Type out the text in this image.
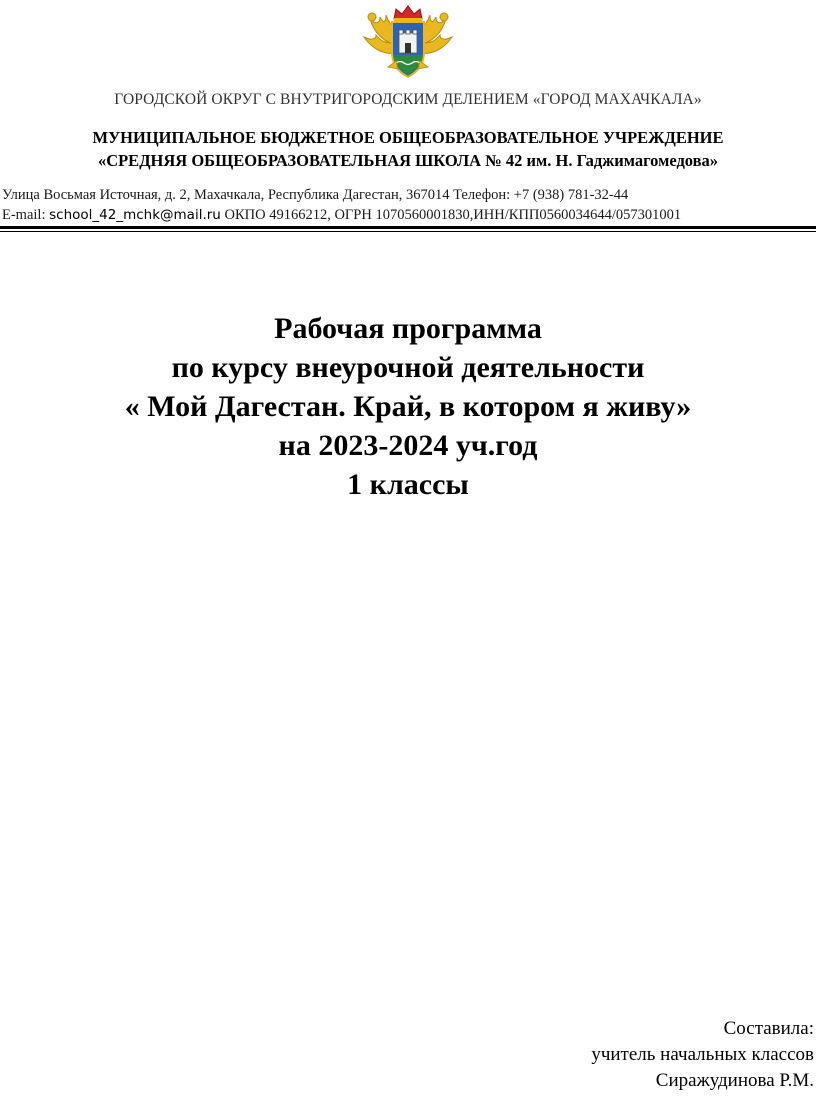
ГОРОДСКОЙ ОКРУГ С ВНУТРИГОРОДСКИМ ДЕЛЕНИЕМ «ГОРОД МАХАЧКАЛА»
МУНИЦИПАЛЬНОЕ БЮДЖЕТНОЕ ОБЩЕОБРАЗОВАТЕЛЬНОЕ УЧРЕЖДЕНИЕ
«СРЕДНЯЯ ОБЩЕОБРАЗОВАТЕЛЬНАЯ ШКОЛА № 42 им. Н. Гаджимагомедова»
Улица Восьмая Источная, д. 2, Махачкала, Республика Дагестан, 367014 Телефон: +7 (938) 781-32-44
E-mail: school_42_mchk@mail.ru ОКПО 49166212, ОГРН 1070560001830,ИНН/КПП0560034644/057301001
Рабочая программа
по курсу внеурочной деятельности
« Мой Дагестан. Край, в котором я живу»
на 2023-2024 уч.год
1 классы
Составила:
учитель начальных классов
Сиражудинова Р.М.
